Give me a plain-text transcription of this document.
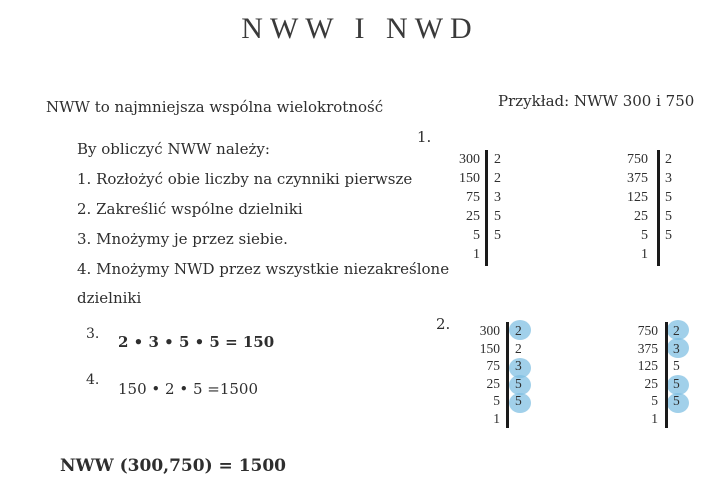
NWW I NWD
NWW to najmniejsza wspólna wielokrotność	Przykład: NWW 300 i 750
By obliczyć NWW należy:
1. Rozłożyć obie liczby na czynniki pierwsze
2. Zakreślić wspólne dzielniki
3. Mnożymy je przez siebie.
4. Mnożymy NWD przez wszystkie niezakreślone
dzielniki
3. 2 • 3 • 5 • 5 = 150
4. 150 • 2 • 5 =1500
NWW (300,750) = 1500
1.
2.
300
150
75
25
5
1
2
2
3
5
5
750
375
125
25
5
1
2
3
5
5
5
300
150
75
25
5
1
2
2
3
5
5
750
375
125
25
5
1
2
3
5
5
5
